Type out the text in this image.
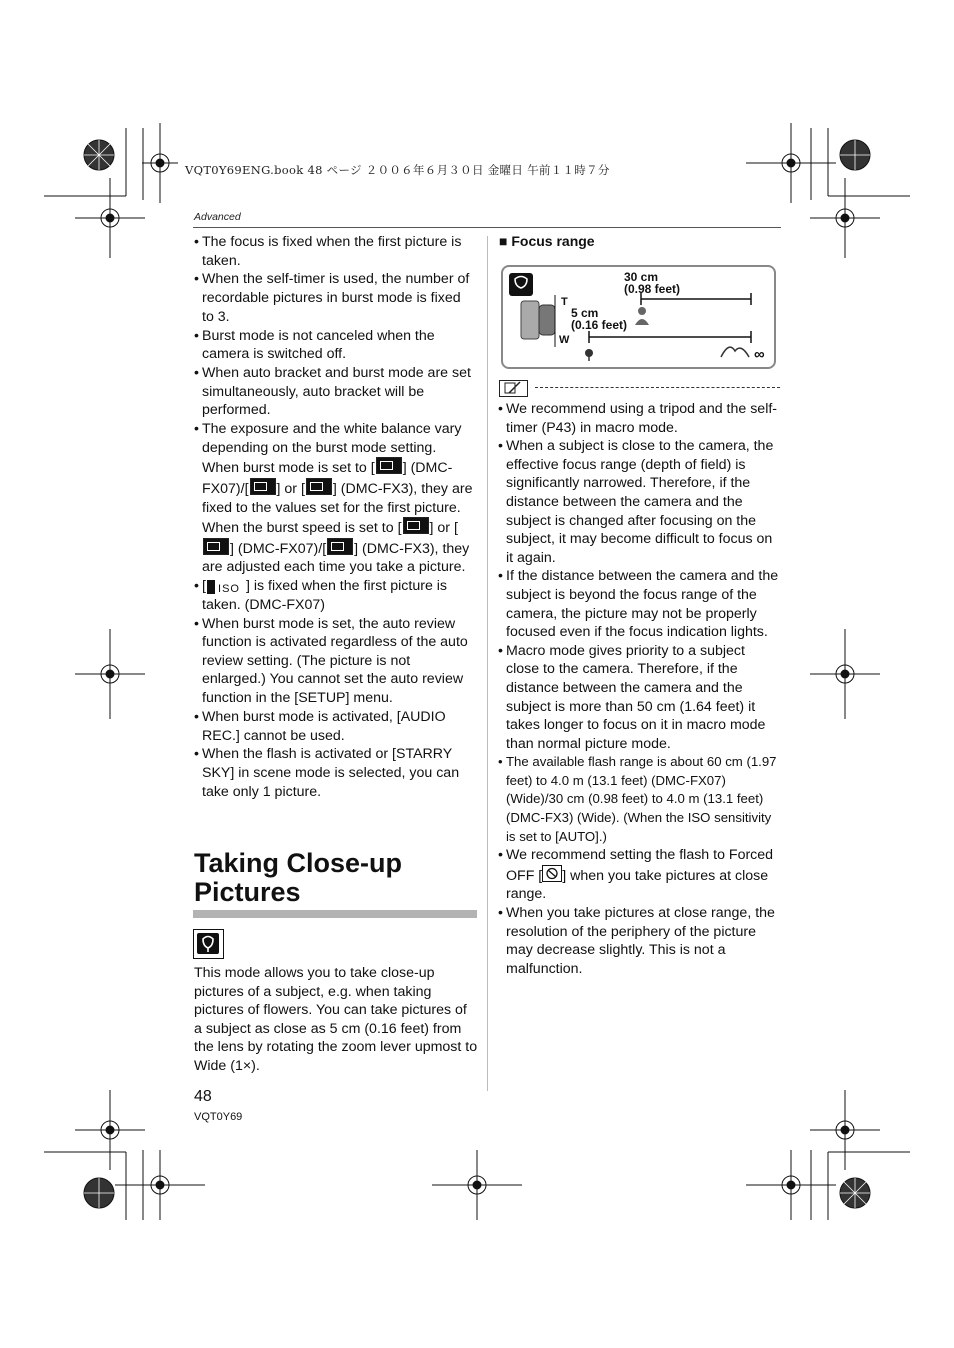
VQT0Y69ENG.book 48 ページ ２００６年６月３０日 金曜日 午前１１時７分
Advanced
• The focus is fixed when the first picture is taken.
• When the self-timer is used, the number of recordable pictures in burst mode is fixed to 3.
• Burst mode is not canceled when the camera is switched off.
• When auto bracket and burst mode are set simultaneously, auto bracket will be performed.
• The exposure and the white balance vary depending on the burst mode setting.
When burst mode is set to [ ] (DMC-FX07)/[ ] or [ ] (DMC-FX3), they are fixed to the values set for the first picture.
When the burst speed is set to [ ] or [] (DMC-FX07)/[ ] (DMC-FX3), they are adjusted each time you take a picture.
• [ ISO ] is fixed when the first picture is taken. (DMC-FX07)
• When burst mode is set, the auto review function is activated regardless of the auto review setting. (The picture is not enlarged.) You cannot set the auto review function in the [SETUP] menu.
• When burst mode is activated, [AUDIO REC.] cannot be used.
• When the flash is activated or [STARRY SKY] in scene mode is selected, you can take only 1 picture.
Taking Close-up Pictures
This mode allows you to take close-up pictures of a subject, e.g. when taking pictures of flowers. You can take pictures of a subject as close as 5 cm (0.16 feet) from the lens by rotating the zoom lever upmost to Wide (1×).
48
VQT0Y69
■ Focus range
T
W
30 cm
(0.98 feet)
5 cm
(0.16 feet)
∞
• We recommend using a tripod and the self-timer (P43) in macro mode.
• When a subject is close to the camera, the effective focus range (depth of field) is significantly narrowed. Therefore, if the distance between the camera and the subject is changed after focusing on the subject, it may become difficult to focus on it again.
• If the distance between the camera and the subject is beyond the focus range of the camera, the picture may not be properly focused even if the focus indication lights.
• Macro mode gives priority to a subject close to the camera. Therefore, if the distance between the camera and the subject is more than 50 cm (1.64 feet) it takes longer to focus on it in macro mode than normal picture mode.
• The available flash range is about 60 cm (1.97 feet) to 4.0 m (13.1 feet) (DMC-FX07) (Wide)/30 cm (0.98 feet) to 4.0 m (13.1 feet) (DMC-FX3) (Wide). (When the ISO sensitivity is set to [AUTO].)
• We recommend setting the flash to Forced OFF [ ] when you take pictures at close range.
• When you take pictures at close range, the resolution of the periphery of the picture may decrease slightly. This is not a malfunction.
